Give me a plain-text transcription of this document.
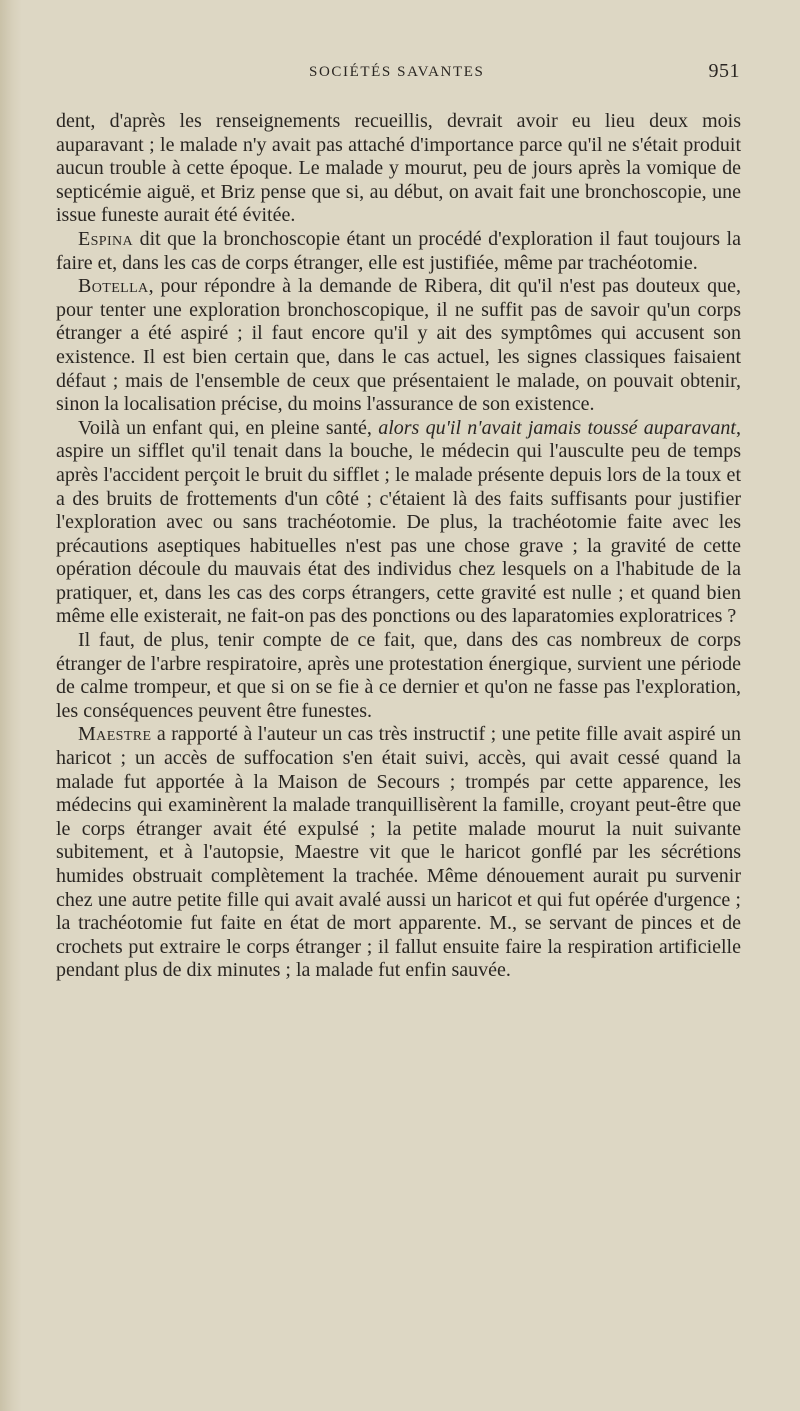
SOCIÉTÉS SAVANTES	951

dent, d'après les renseignements recueillis, devrait avoir eu lieu deux mois auparavant ; le malade n'y avait pas attaché d'importance parce qu'il ne s'était produit aucun trouble à cette époque. Le malade y mourut, peu de jours après la vomique de septicémie aiguë, et Briz pense que si, au début, on avait fait une bronchoscopie, une issue funeste aurait été évitée.

Espina dit que la bronchoscopie étant un procédé d'exploration il faut toujours la faire et, dans les cas de corps étranger, elle est justifiée, même par trachéotomie.

Botella, pour répondre à la demande de Ribera, dit qu'il n'est pas douteux que, pour tenter une exploration bronchoscopique, il ne suffit pas de savoir qu'un corps étranger a été aspiré ; il faut encore qu'il y ait des symptômes qui accusent son existence. Il est bien certain que, dans le cas actuel, les signes classiques faisaient défaut ; mais de l'ensemble de ceux que présentaient le malade, on pouvait obtenir, sinon la localisation précise, du moins l'assurance de son existence.

Voilà un enfant qui, en pleine santé, alors qu'il n'avait jamais toussé auparavant, aspire un sifflet qu'il tenait dans la bouche, le médecin qui l'ausculte peu de temps après l'accident perçoit le bruit du sifflet ; le malade présente depuis lors de la toux et a des bruits de frottements d'un côté ; c'étaient là des faits suffisants pour justifier l'exploration avec ou sans trachéotomie. De plus, la trachéotomie faite avec les précautions aseptiques habituelles n'est pas une chose grave ; la gravité de cette opération découle du mauvais état des individus chez lesquels on a l'habitude de la pratiquer, et, dans les cas des corps étrangers, cette gravité est nulle ; et quand bien même elle existerait, ne fait-on pas des ponctions ou des laparatomies exploratrices ?

Il faut, de plus, tenir compte de ce fait, que, dans des cas nombreux de corps étranger de l'arbre respiratoire, après une protestation énergique, survient une période de calme trompeur, et que si on se fie à ce dernier et qu'on ne fasse pas l'exploration, les conséquences peuvent être funestes.

Maestre a rapporté à l'auteur un cas très instructif ; une petite fille avait aspiré un haricot ; un accès de suffocation s'en était suivi, accès, qui avait cessé quand la malade fut apportée à la Maison de Secours ; trompés par cette apparence, les médecins qui examinèrent la malade tranquillisèrent la famille, croyant peut-être que le corps étranger avait été expulsé ; la petite malade mourut la nuit suivante subitement, et à l'autopsie, Maestre vit que le haricot gonflé par les sécrétions humides obstruait complètement la trachée. Même dénouement aurait pu survenir chez une autre petite fille qui avait avalé aussi un haricot et qui fut opérée d'urgence ; la trachéotomie fut faite en état de mort apparente. M., se servant de pinces et de crochets put extraire le corps étranger ; il fallut ensuite faire la respiration artificielle pendant plus de dix minutes ; la malade fut enfin sauvée.
